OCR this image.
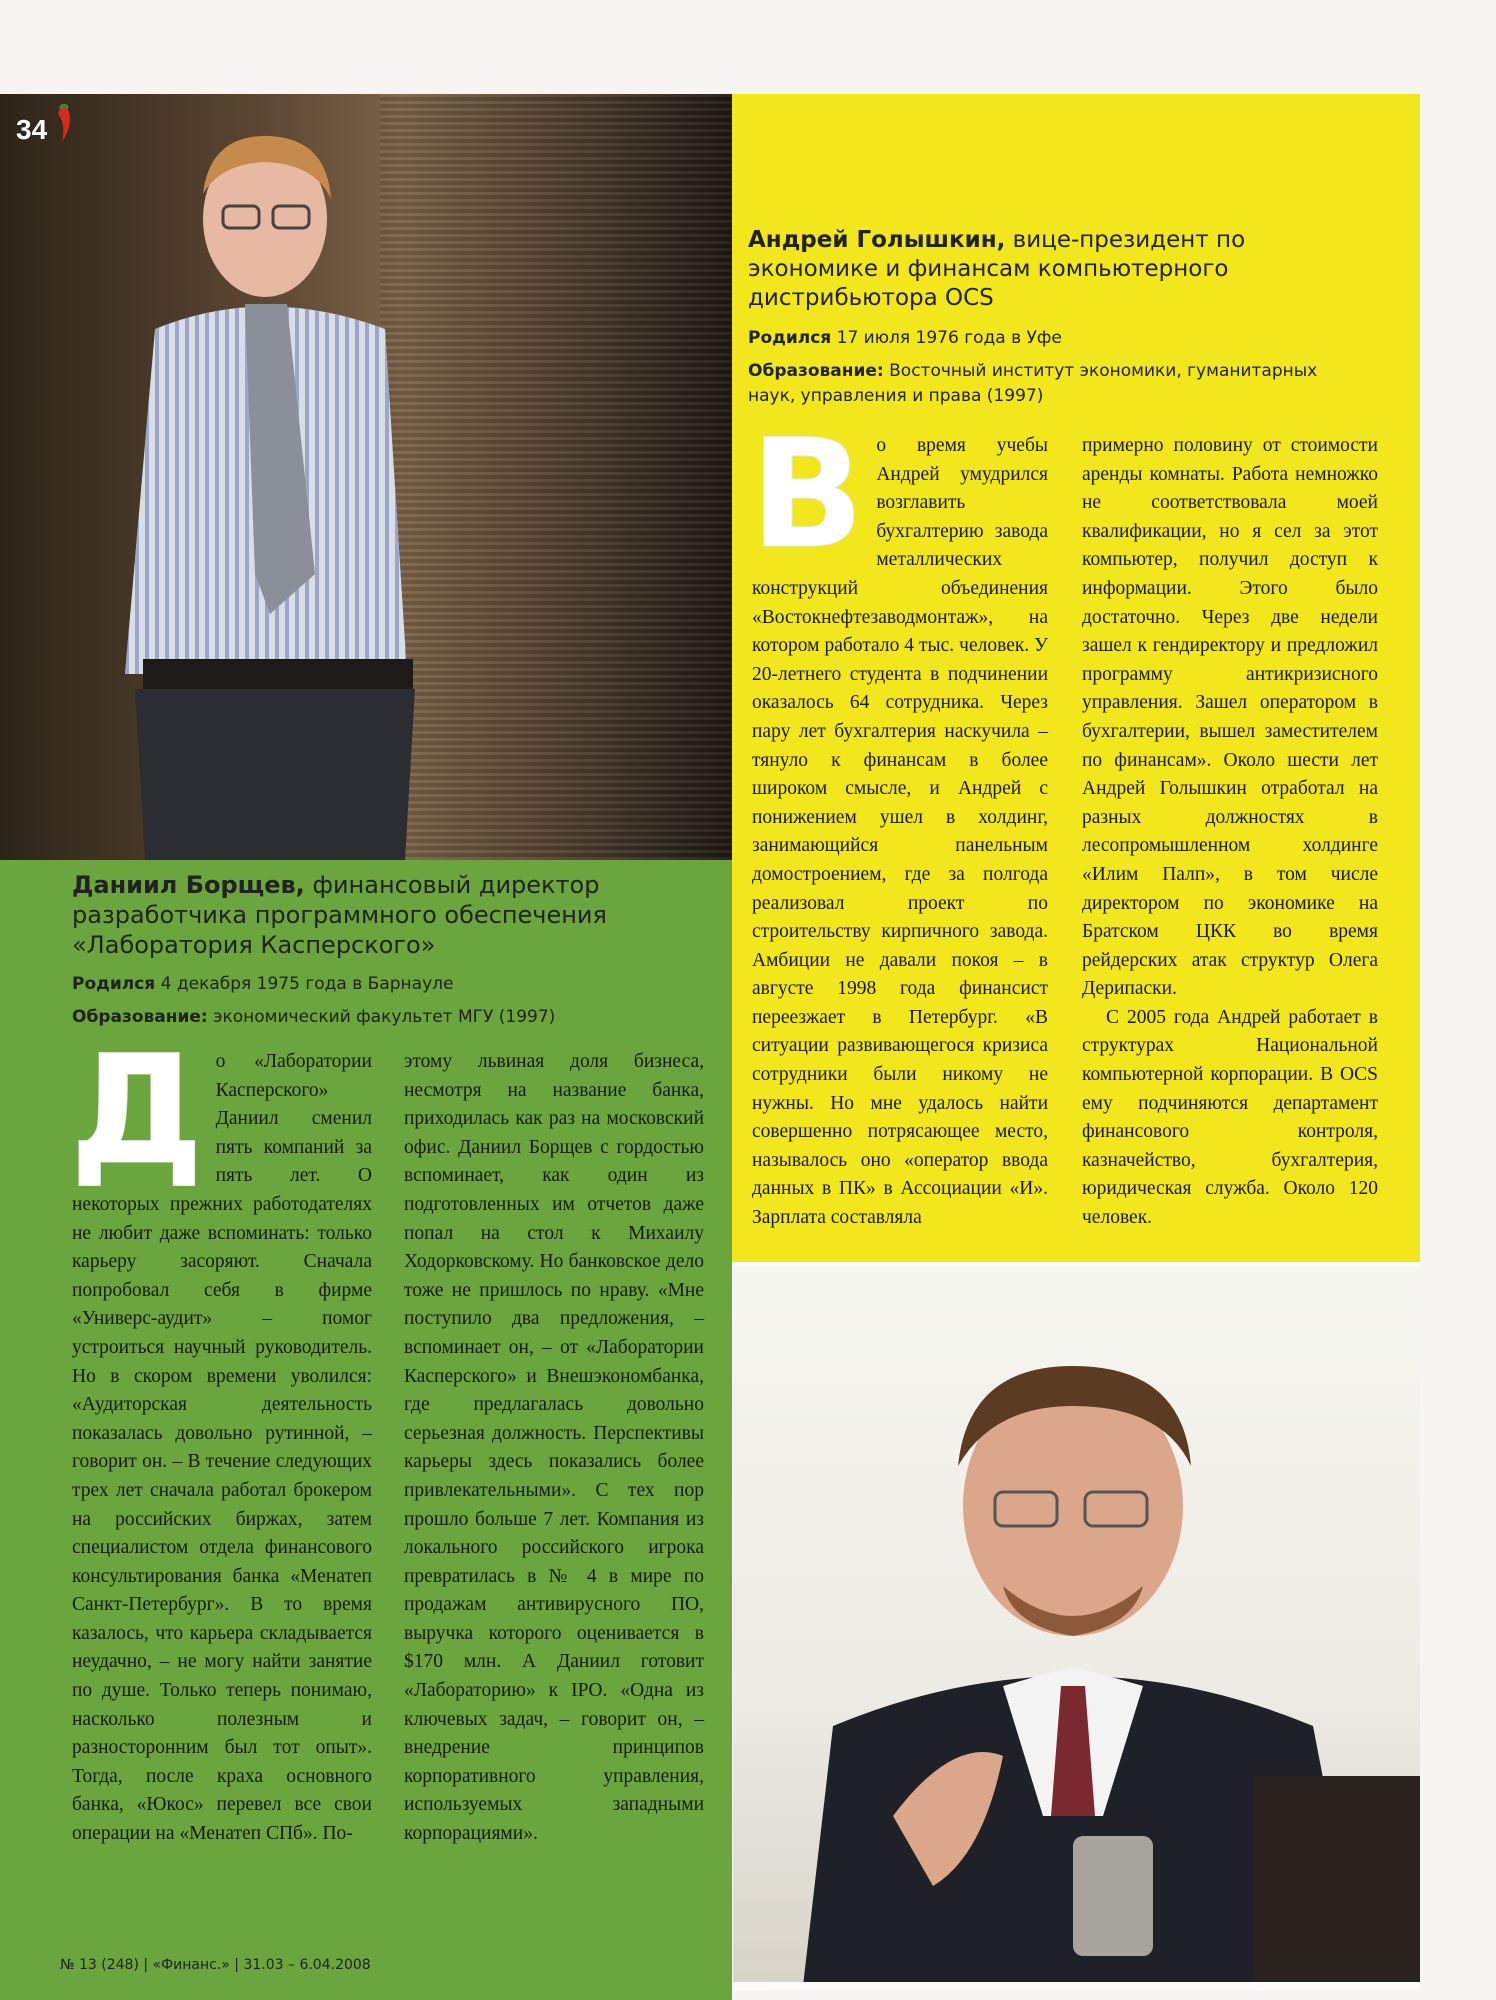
34
Андрей Голышкин, вице-президент по экономике и финансам компьютерного дистрибьютора OCS
Родился 17 июля 1976 года в Уфе
Образование: Восточный институт экономики, гуманитарных наук, управления и права (1997)
Во время учебы Андрей умудрился возглавить бухгалтерию завода металлических конструкций объединения «Востокнефтезаводмонтаж», на котором работало 4 тыс. человек. У 20-летнего студента в подчинении оказалось 64 сотрудника. Через пару лет бухгалтерия наскучила – тянуло к финансам в более широком смысле, и Андрей с понижением ушел в холдинг, занимающийся панельным домостроением, где за полгода реализовал проект по строительству кирпичного завода. Амбиции не давали покоя – в августе 1998 года финансист переезжает в Петербург. «В ситуации развивающегося кризиса сотрудники были никому не нужны. Но мне удалось найти совершенно потрясающее место, называлось оно «оператор ввода данных в ПК» в Ассоциации «И». Зарплата составляла
примерно половину от стоимости аренды комнаты. Работа немножко не соответствовала моей квалификации, но я сел за этот компьютер, получил доступ к информации. Этого было достаточно. Через две недели зашел к гендиректору и предложил программу антикризисного управления. Зашел оператором в бухгалтерии, вышел заместителем по финансам». Около шести лет Андрей Голышкин отработал на разных должностях в лесопромышленном холдинге «Илим Палп», в том числе директором по экономике на Братском ЦКК во время рейдерских атак структур Олега Дерипаски.
С 2005 года Андрей работает в структурах Национальной компьютерной корпорации. В OCS ему подчиняются департамент финансового контроля, казначейство, бухгалтерия, юридическая служба. Около 120 человек.
Даниил Борщев, финансовый директор разработчика программного обеспечения «Лаборатория Касперского»
Родился 4 декабря 1975 года в Барнауле
Образование: экономический факультет МГУ (1997)
До «Лаборатории Касперского» Даниил сменил пять компаний за пять лет. О некоторых прежних работодателях не любит даже вспоминать: только карьеру засоряют. Сначала попробовал себя в фирме «Универс-аудит» – помог устроиться научный руководитель. Но в скором времени уволился: «Аудиторская деятельность показалась довольно рутинной, – говорит он. – В течение следующих трех лет сначала работал брокером на российских биржах, затем специалистом отдела финансового консультирования банка «Менатеп Санкт-Петербург». В то время казалось, что карьера складывается неудачно, – не могу найти занятие по душе. Только теперь понимаю, насколько полезным и разносторонним был тот опыт». Тогда, после краха основного банка, «Юкос» перевел все свои операции на «Менатеп СПб». По-
этому львиная доля бизнеса, несмотря на название банка, приходилась как раз на московский офис. Даниил Борщев с гордостью вспоминает, как один из подготовленных им отчетов даже попал на стол к Михаилу Ходорковскому. Но банковское дело тоже не пришлось по нраву. «Мне поступило два предложения, – вспоминает он, – от «Лаборатории Касперского» и Внешэкономбанка, где предлагалась довольно серьезная должность. Перспективы карьеры здесь показались более привлекательными». С тех пор прошло больше 7 лет. Компания из локального российского игрока превратилась в № 4 в мире по продажам антивирусного ПО, выручка которого оценивается в $170 млн. А Даниил готовит «Лабораторию» к IPO. «Одна из ключевых задач, – говорит он, – внедрение принципов корпоративного управления, используемых западными корпорациями».
№ 13 (248) | «Финанс.» | 31.03 – 6.04.2008
